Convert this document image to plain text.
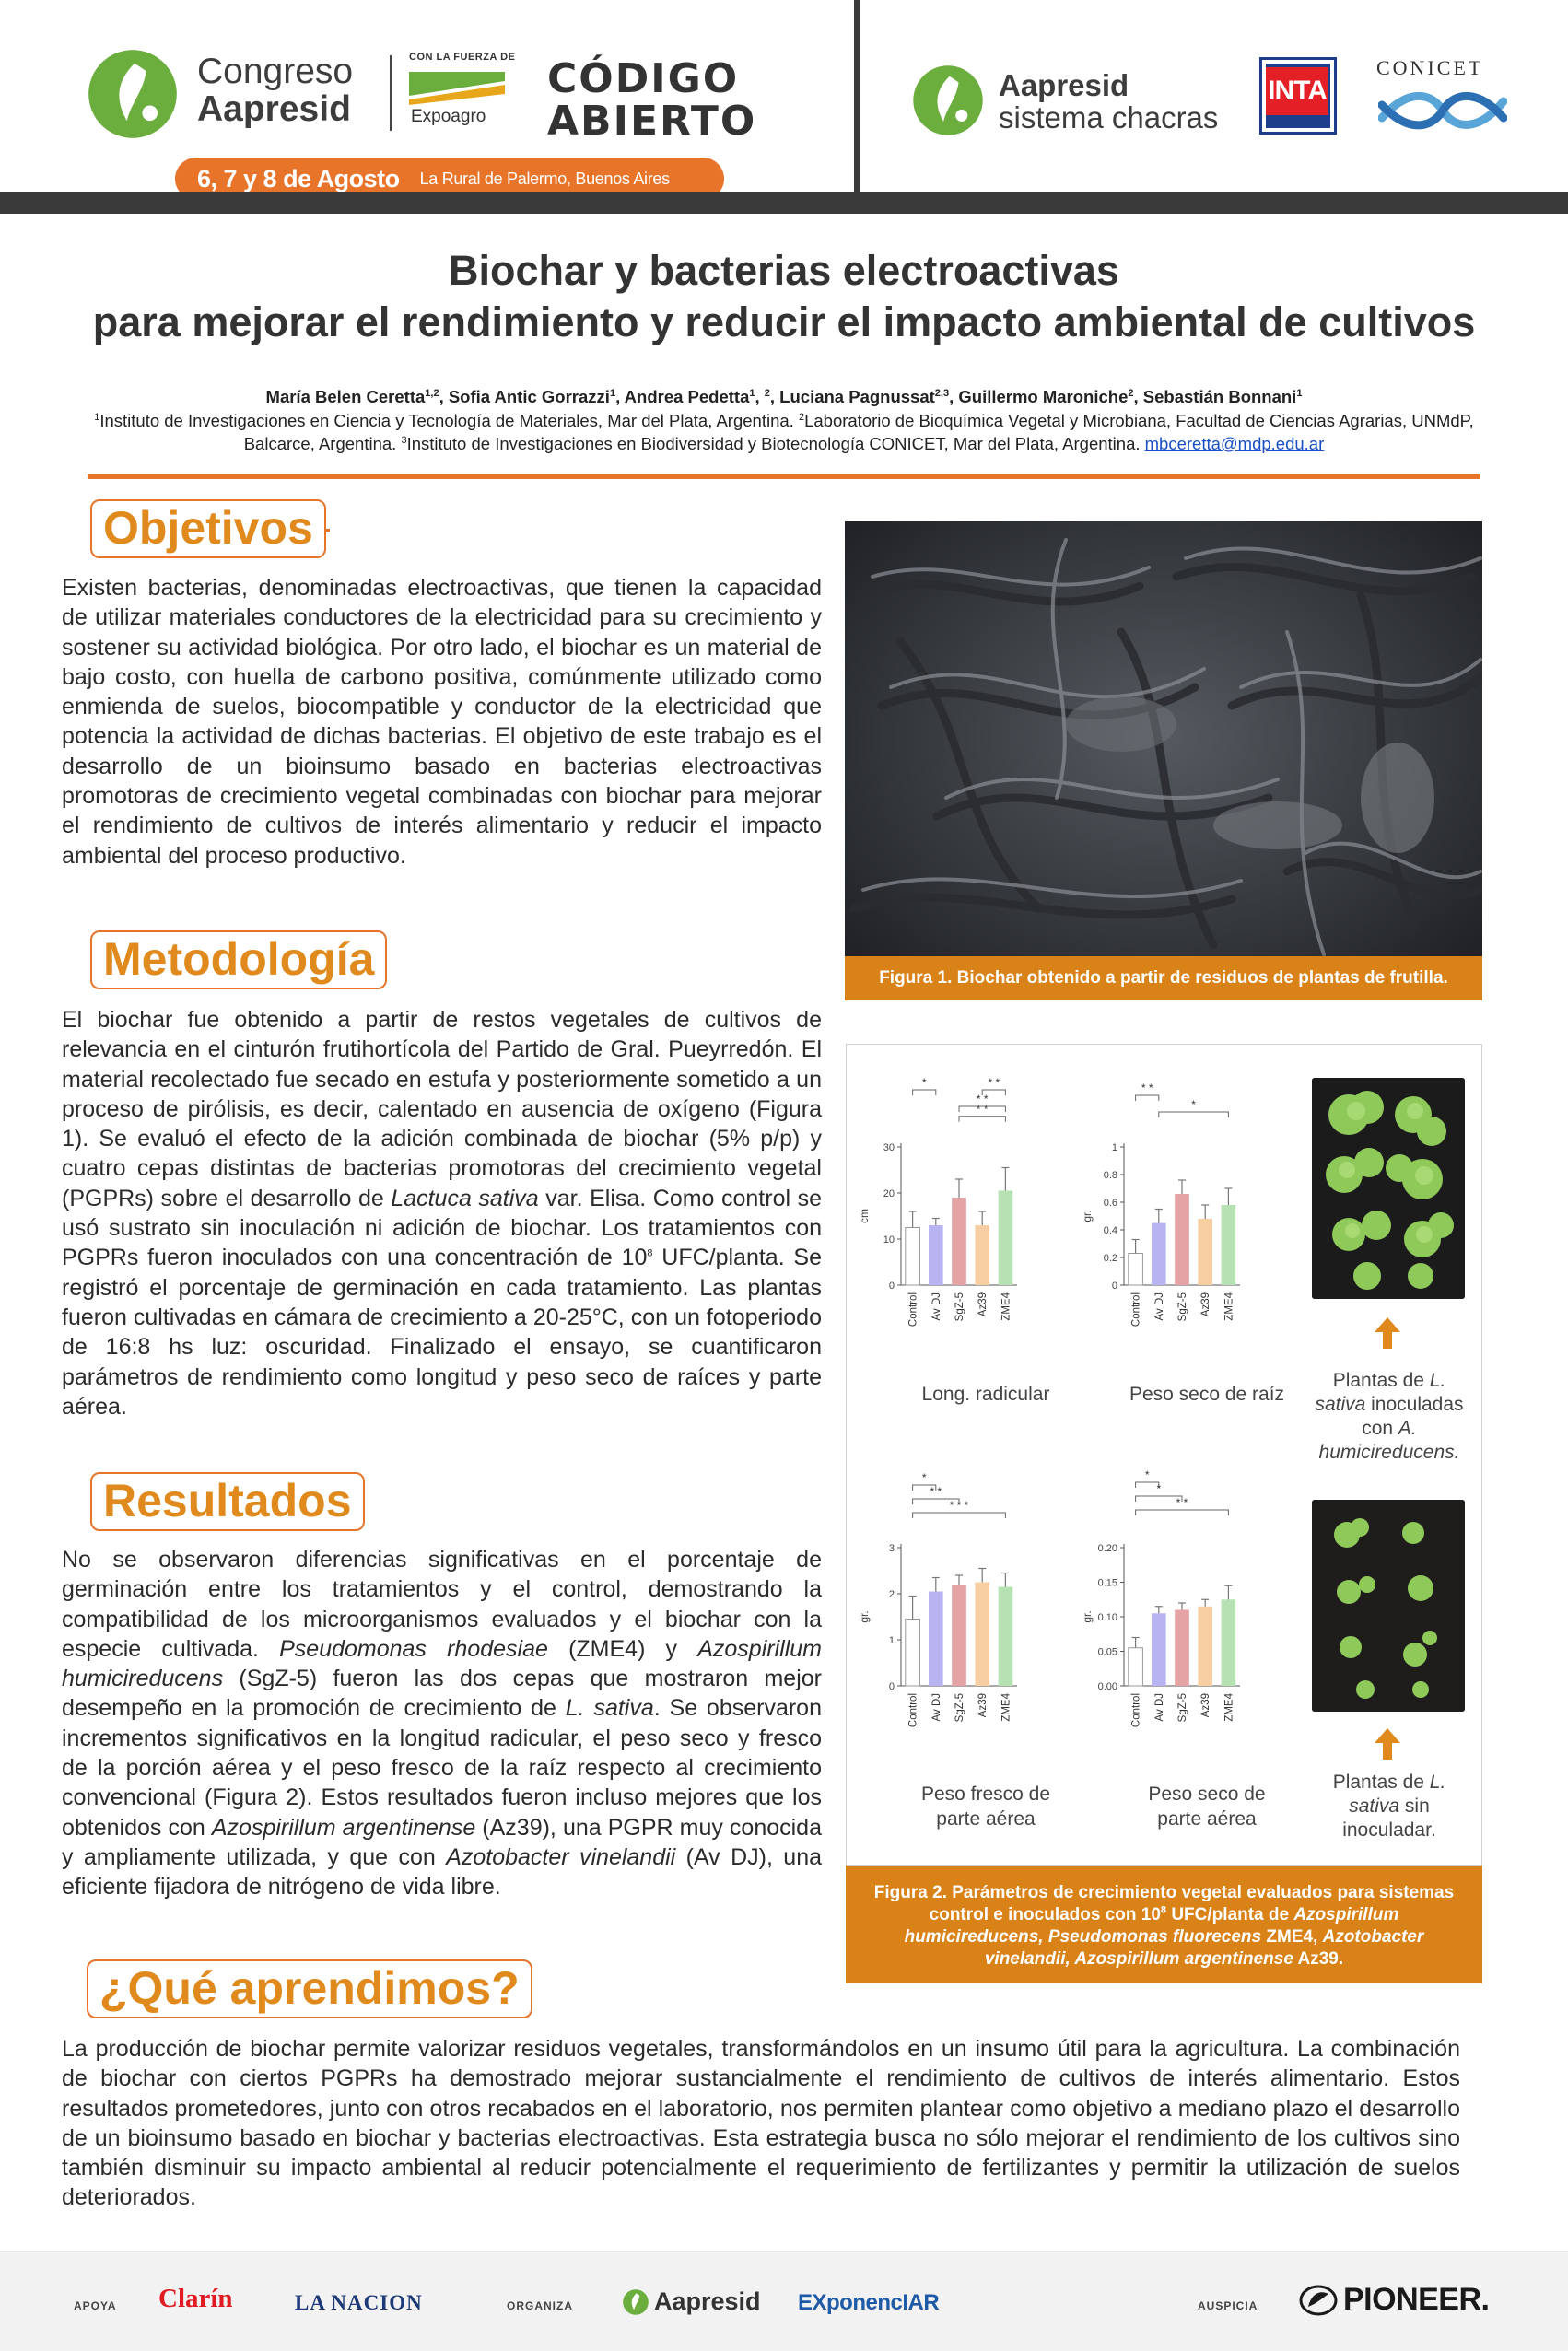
Congreso
Aapresid
CON LA FUERZA DE
Expoagro
CÓDIGO
ABIERTO
6, 7 y 8 de Agosto La Rural de Palermo, Buenos Aires
Aapresid
sistema chacras
INTA
CONICET
Biochar y bacterias electroactivas
para mejorar el rendimiento y reducir el impacto ambiental de cultivos
María Belen Ceretta$^{1,2}$, Sofia Antic Gorrazzi$^1$, Andrea Pedetta$^1$, $^2$, Luciana Pagnussat$^{2,3}$, Guillermo Maroniche$^2$, Sebastián Bonnani$^1$
$^1$Instituto de Investigaciones en Ciencia y Tecnología de Materiales, Mar del Plata, Argentina. $^2$Laboratorio de Bioquímica Vegetal y Microbiana, Facultad de Ciencias Agrarias, UNMdP, Balcarce, Argentina. $^3$Instituto de Investigaciones en Biodiversidad y Biotecnología CONICET, Mar del Plata, Argentina. mbceretta@mdp.edu.ar
Objetivos
Existen bacterias, denominadas electroactivas, que tienen la capacidad de utilizar materiales conductores de la electricidad para su crecimiento y sostener su actividad biológica. Por otro lado, el biochar es un material de bajo costo, con huella de carbono positiva, comúnmente utilizado como enmienda de suelos, biocompatible y conductor de la electricidad que potencia la actividad de dichas bacterias. El objetivo de este trabajo es el desarrollo de un bioinsumo basado en bacterias electroactivas promotoras de crecimiento vegetal combinadas con biochar para mejorar el rendimiento de cultivos de interés alimentario y reducir el impacto ambiental del proceso productivo.
Metodología
El biochar fue obtenido a partir de restos vegetales de cultivos de relevancia en el cinturón frutihortícola del Partido de Gral. Pueyrredón. El material recolectado fue secado en estufa y posteriormente sometido a un proceso de pirólisis, es decir, calentado en ausencia de oxígeno (Figura 1). Se evaluó el efecto de la adición combinada de biochar (5% p/p) y cuatro cepas distintas de bacterias promotoras del crecimiento vegetal (PGPRs) sobre el desarrollo de Lactuca sativa var. Elisa. Como control se usó sustrato sin inoculación ni adición de biochar. Los tratamientos con PGPRs fueron inoculados con una concentración de $10^8$ UFC/planta. Se registró el porcentaje de germinación en cada tratamiento. Las plantas fueron cultivadas en cámara de crecimiento a 20-25°C, con un fotoperiodo de 16:8 hs luz: oscuridad. Finalizado el ensayo, se cuantificaron parámetros de rendimiento como longitud y peso seco de raíces y parte aérea.
Resultados
No se observaron diferencias significativas en el porcentaje de germinación entre los tratamientos y el control, demostrando la compatibilidad de los microorganismos evaluados y el biochar con la especie cultivada. Pseudomonas rhodesiae (ZME4) y Azospirillum humicireducens (SgZ-5) fueron las dos cepas que mostraron mejor desempeño en la promoción de crecimiento de L. sativa. Se observaron incrementos significativos en la longitud radicular, el peso seco y fresco de la porción aérea y el peso fresco de la raíz respecto al crecimiento convencional (Figura 2). Estos resultados fueron incluso mejores que los obtenidos con Azospirillum argentinense (Az39), una PGPR muy conocida y ampliamente utilizada, y que con Azotobacter vinelandii (Av DJ), una eficiente fijadora de nitrógeno de vida libre.
¿Qué aprendimos?
La producción de biochar permite valorizar residuos vegetales, transformándolos en un insumo útil para la agricultura. La combinación de biochar con ciertos PGPRs ha demostrado mejorar sustancialmente el rendimiento de cultivos de interés alimentario. Estos resultados prometedores, junto con otros recabados en el laboratorio, nos permiten plantear como objetivo a mediano plazo el desarrollo de un bioinsumo basado en biochar y bacterias electroactivas. Esta estrategia busca no sólo mejorar el rendimiento de los cultivos sino también disminuir su impacto ambiental al reducir potencialmente el requerimiento de fertilizantes y permitir la utilización de suelos deteriorados.
Figura 1. Biochar obtenido a partir de residuos de plantas de frutilla.
0
10
20
30
cm
Control Av DJ SgZ-5 Az39 ZME4
*
* *
* *
* *
0
0.2
0.4
0.6
0.8
1
gr.
Control Av DJ SgZ-5 Az39 ZME4
* *
*
0
1
2
3
gr.
Control Av DJ SgZ-5 Az39 ZME4
*
* *
* * *
0.00
0.05
0.10
0.15
0.20
gr.
Control Av DJ SgZ-5 Az39 ZME4
*
*
* *
Long. radicular	Peso seco de raíz
Peso fresco de parte aérea
Peso seco de parte aérea
Plantas de L. sativa inoculadas con A. humicireducens.
Plantas de L. sativa sin inoculadar.
Figura 2. Parámetros de crecimiento vegetal evaluados para sistemas control e inoculados con $10^8$ UFC/planta de Azospirillum humicireducens, Pseudomonas fluorecens ZME4, Azotobacter vinelandii, Azospirillum argentinense Az39.
APOYA Clarín	LA NACION	ORGANIZA	Aapresid EXponencIAR	AUSPICIA	PIONEER.
